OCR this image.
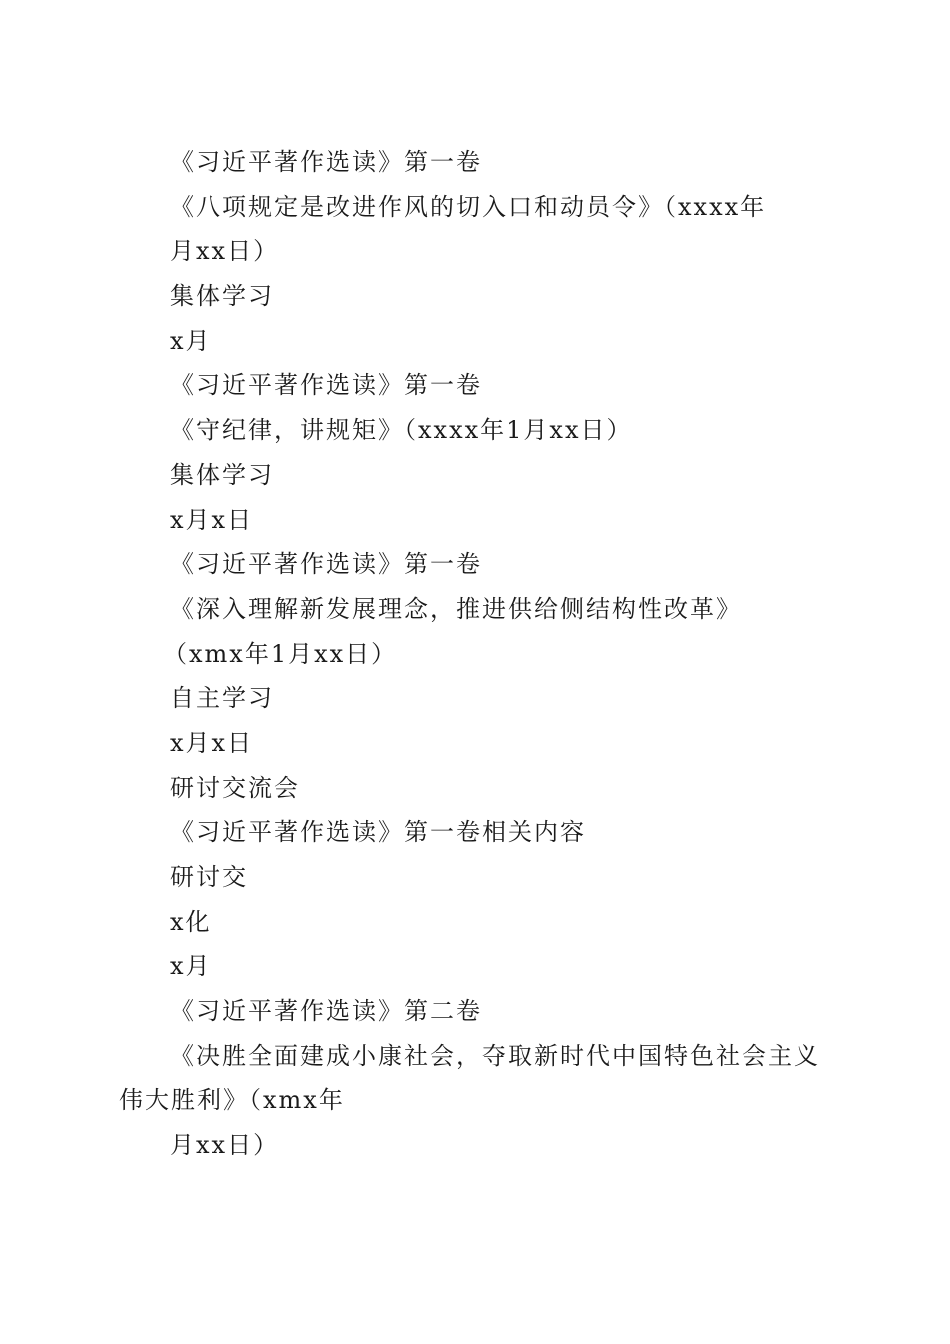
《习近平著作选读》第一卷
《八项规定是改进作风的切入口和动员令》（xxxx年
月xx日）
集体学习
x月
《习近平著作选读》第一卷
《守纪律，讲规矩》（xxxx年1月xx日）
集体学习
x月x日
《习近平著作选读》第一卷
《深入理解新发展理念，推进供给侧结构性改革》
（xmx年1月xx日）
自主学习
x月x日
研讨交流会
《习近平著作选读》第一卷相关内容
研讨交
x化
x月
《习近平著作选读》第二卷
《决胜全面建成小康社会，夺取新时代中国特色社会主义
伟大胜利》（xmx年
月xx日）
